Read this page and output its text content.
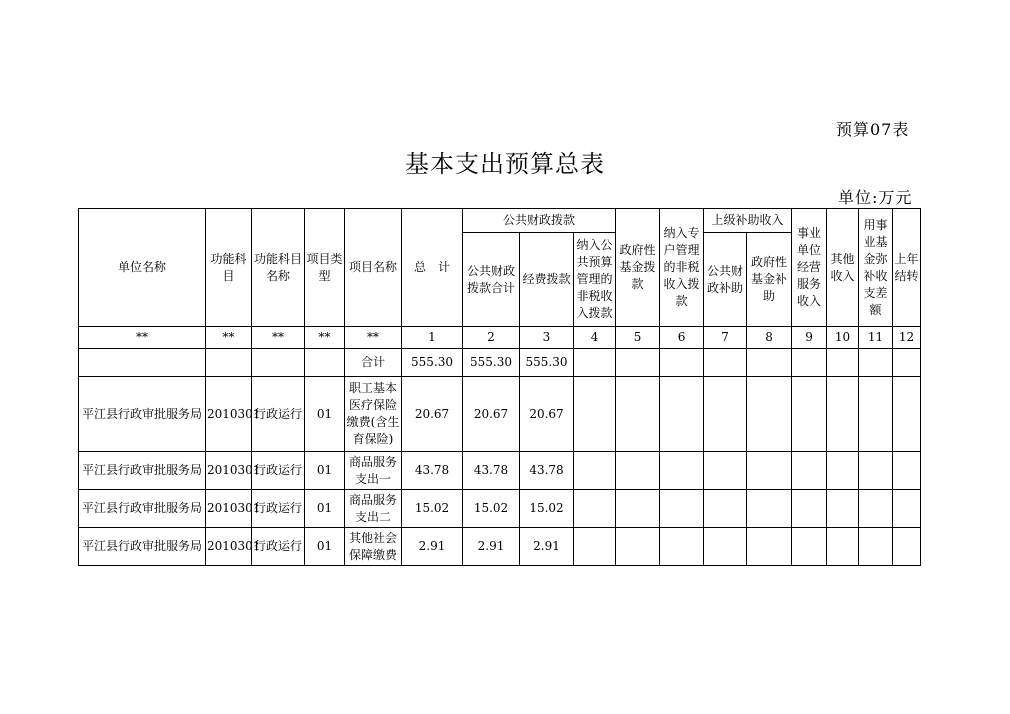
预算07表
基本支出预算总表
单位:万元
单位名称	功能科目	功能科目名称	项目类型	项目名称	总　计	公共财政拨款			政府性基金拨款	纳入专户管理的非税收入拨款	上级补助收入		事业单位经营服务收入	其他收入	用事业基金弥补收支差额	上年结转
						公共财政拨款合计	经费拨款	纳入公共预算管理的非税收入拨款			公共财政补助	政府性基金补助				
**	**	**	**	**	1	2	3	4	5	6	7	8	9	10	11	12
				合计	555.30	555.30	555.30									
平江县行政审批服务局	2010301	行政运行	01	职工基本医疗保险缴费(含生育保险)	20.67	20.67	20.67									
平江县行政审批服务局	2010301	行政运行	01	商品服务支出一	43.78	43.78	43.78									
平江县行政审批服务局	2010301	行政运行	01	商品服务支出二	15.02	15.02	15.02									
平江县行政审批服务局	2010301	行政运行	01	其他社会保障缴费	2.91	2.91	2.91									
